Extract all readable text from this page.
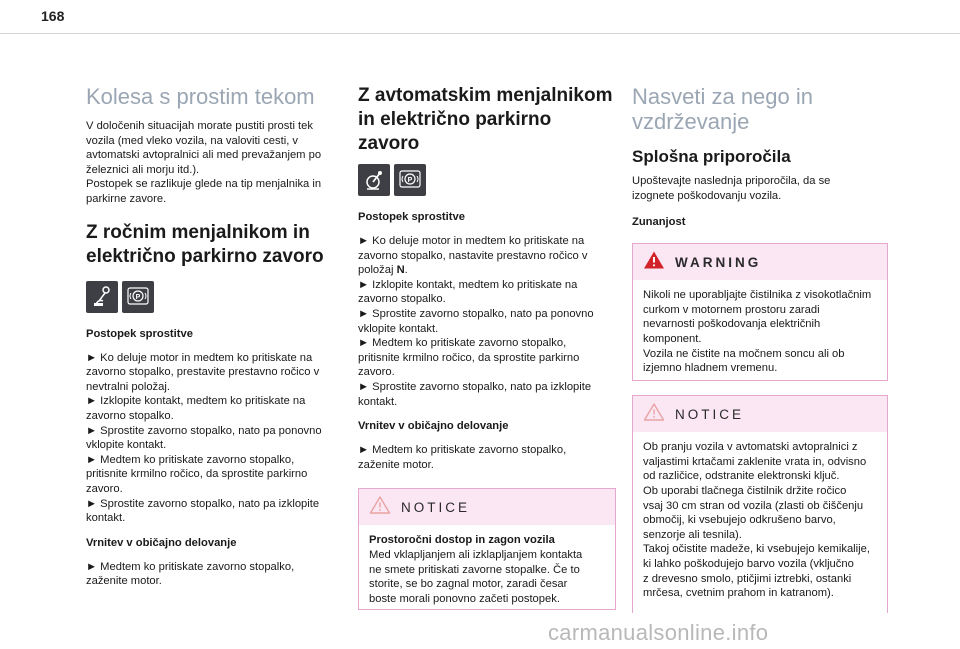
168
Kolesa s prostim tekom

V določenih situacijah morate pustiti prosti tek
vozila (med vleko vozila, na valoviti cesti, v
avtomatski avtopralnici ali med prevažanjem po
železnici ali morju itd.).
Postopek se razlikuje glede na tip menjalnika in
parkirne zavore.

Z ročnim menjalnikom in
električno parkirno zavoro
P
Postopek sprostitve

► Ko deluje motor in medtem ko pritiskate na
zavorno stopalko, prestavite prestavno ročico v
nevtralni položaj.
► Izklopite kontakt, medtem ko pritiskate na
zavorno stopalko.
► Sprostite zavorno stopalko, nato pa ponovno
vklopite kontakt.
► Medtem ko pritiskate zavorno stopalko,
pritisnite krmilno ročico, da sprostite parkirno
zavoro.
► Sprostite zavorno stopalko, nato pa izklopite
kontakt.

Vrnitev v običajno delovanje

► Medtem ko pritiskate zavorno stopalko,
zaženite motor.

Z avtomatskim menjalnikom
in električno parkirno
zavoro
P
Postopek sprostitve

► Ko deluje motor in medtem ko pritiskate na
zavorno stopalko, nastavite prestavno ročico v
položaj N.
► Izklopite kontakt, medtem ko pritiskate na
zavorno stopalko.
► Sprostite zavorno stopalko, nato pa ponovno
vklopite kontakt.
► Medtem ko pritiskate zavorno stopalko,
pritisnite krmilno ročico, da sprostite parkirno
zavoro.
► Sprostite zavorno stopalko, nato pa izklopite
kontakt.

Vrnitev v običajno delovanje

► Medtem ko pritiskate zavorno stopalko,
zaženite motor.

NOTICE
Prostoročni dostop in zagon vozila

Med vklapljanjem ali izklapljanjem kontakta
ne smete pritiskati zavorne stopalke. Če to
storite, se bo zagnal motor, zaradi česar
boste morali ponovno začeti postopek.

Nasveti za nego in
vzdrževanje
Splošna priporočila

Upoštevajte naslednja priporočila, da se
izognete poškodovanju vozila.

Zunanjost
WARNING

Nikoli ne uporabljajte čistilnika z visokotlačnim
curkom v motornem prostoru zaradi
nevarnosti poškodovanja električnih
komponent.
Vozila ne čistite na močnem soncu ali ob
izjemno hladnem vremenu.

NOTICE

Ob pranju vozila v avtomatski avtopralnici z
valjastimi krtačami zaklenite vrata in, odvisno
od različice, odstranite elektronski ključ.
Ob uporabi tlačnega čistilnik držite ročico
vsaj 30 cm stran od vozila (zlasti ob čiščenju
območij, ki vsebujejo odkrušeno barvo,
senzorje ali tesnila).
Takoj očistite madeže, ki vsebujejo kemikalije,
ki lahko poškodujejo barvo vozila (vključno
z drevesno smolo, ptičjimi iztrebki, ostanki
mrčesa, cvetnim prahom in katranom).

carmanualsonline.info
